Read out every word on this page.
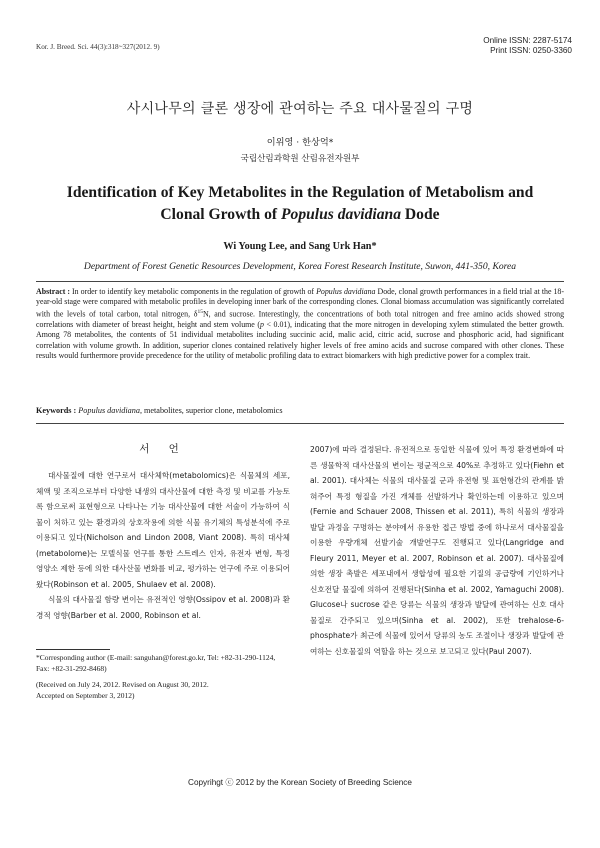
Online ISSN: 2287-5174
Print ISSN: 0250-3360
Kor. J. Breed. Sci. 44(3):318~327(2012. 9)
사시나무의 클론 생장에 관여하는 주요 대사물질의 구명
이위영 · 한상억*
국립산림과학원 산림유전자원부
Identification of Key Metabolites in the Regulation of Metabolism and
Clonal Growth of Populus davidiana Dode
Wi Young Lee, and Sang Urk Han*
Department of Forest Genetic Resources Development, Korea Forest Research Institute, Suwon, 441-350, Korea
Abstract : In order to identify key metabolic components in the regulation of growth of Populus davidiana Dode, clonal growth performances in a field trial at the 18-year-old stage were compared with metabolic profiles in developing inner bark of the corresponding clones. Clonal biomass accumulation was significantly correlated with the levels of total carbon, total nitrogen, $\delta^{15}N$, and sucrose. Interestingly, the concentrations of both total nitrogen and free amino acids showed strong correlations with diameter of breast height, height and stem volume (p < 0.01), indicating that the more nitrogen in developing xylem stimulated the better growth. Among 78 metabolites, the contents of 51 individual metabolites including succinic acid, malic acid, citric acid, sucrose and phosphoric acid, had significant correlation with volume growth. In addition, superior clones contained relatively higher levels of free amino acids and sucrose compared with other clones. These results would furthermore provide precedence for the utility of metabolic profiling data to extract biomarkers with high predictive power for a complex trait.
Keywords : Populus davidiana, metabolites, superior clone, metabolomics
서 언

대사물질에 대한 연구로서 대사체학(metabolomics)은 식물체의 세포, 체액 및 조직으로부터 다양한 내생의 대사산물에 대한 측정 및 비교를 가능토록 함으로써 표현형으로 나타나는 기능 대사산물에 대한 서술이 가능하여 식물이 처하고 있는 환경과의 상호작용에 의한 식물 유기체의 특성분석에 주로 이용되고 있다(Nicholson and Lindon 2008, Viant 2008). 특히 대사체(metabolome)는 모델식물 연구를 통한 스트레스 인자, 유전자 변형, 특정 영양소 제한 등에 의한 대사산물 변화를 비교, 평가하는 연구에 주로 이용되어 왔다(Robinson et al. 2005, Shulaev et al. 2008).

식물의 대사물질 함량 변이는 유전적인 영향(Ossipov et al. 2008)과 환경적 영향(Barber et al. 2000, Robinson et al.

2007)에 따라 결정된다. 유전적으로 동일한 식물에 있어 특정 환경변화에 따른 생물학적 대사산물의 변이는 평균적으로 40%로 추정하고 있다(Fiehn et al. 2001). 대사체는 식물의 대사물질 군과 유전형 및 표현형간의 관계를 밝혀주어 특정 형질을 가진 개체를 선발하거나 확인하는데 이용하고 있으며(Fernie and Schauer 2008, Thissen et al. 2011), 특히 식물의 생장과 발달 과정을 구명하는 분야에서 유용한 접근 방법 중에 하나로서 대사물질을 이용한 우량개체 선발기술 개발연구도 진행되고 있다(Langridge and Fleury 2011, Meyer et al. 2007, Robinson et al. 2007). 대사물질에 의한 생장 촉발은 세포내에서 생합성에 필요한 기질의 공급량에 기인하거나 신호전달 물질에 의하여 진행된다(Sinha et al. 2002, Yamaguchi 2008). Glucose나 sucrose 같은 당류는 식물의 생장과 발달에 관여하는 신호 대사물질로 간주되고 있으며(Sinha et al. 2002), 또한 trehalose-6-phosphate가 최근에 식물에 있어서 당류의 농도 조절이나 생장과 발달에 관여하는 신호물질의 역할을 하는 것으로 보고되고 있다(Paul 2007).

*Corresponding author (E-mail: sanguhan@forest.go.kr, Tel: +82-31-290-1124, Fax: +82-31-292-8468)
(Received on July 24, 2012. Revised on August 30, 2012.
Accepted on September 3, 2012)
Copyrihgt ⓒ 2012 by the Korean Society of Breeding Science
